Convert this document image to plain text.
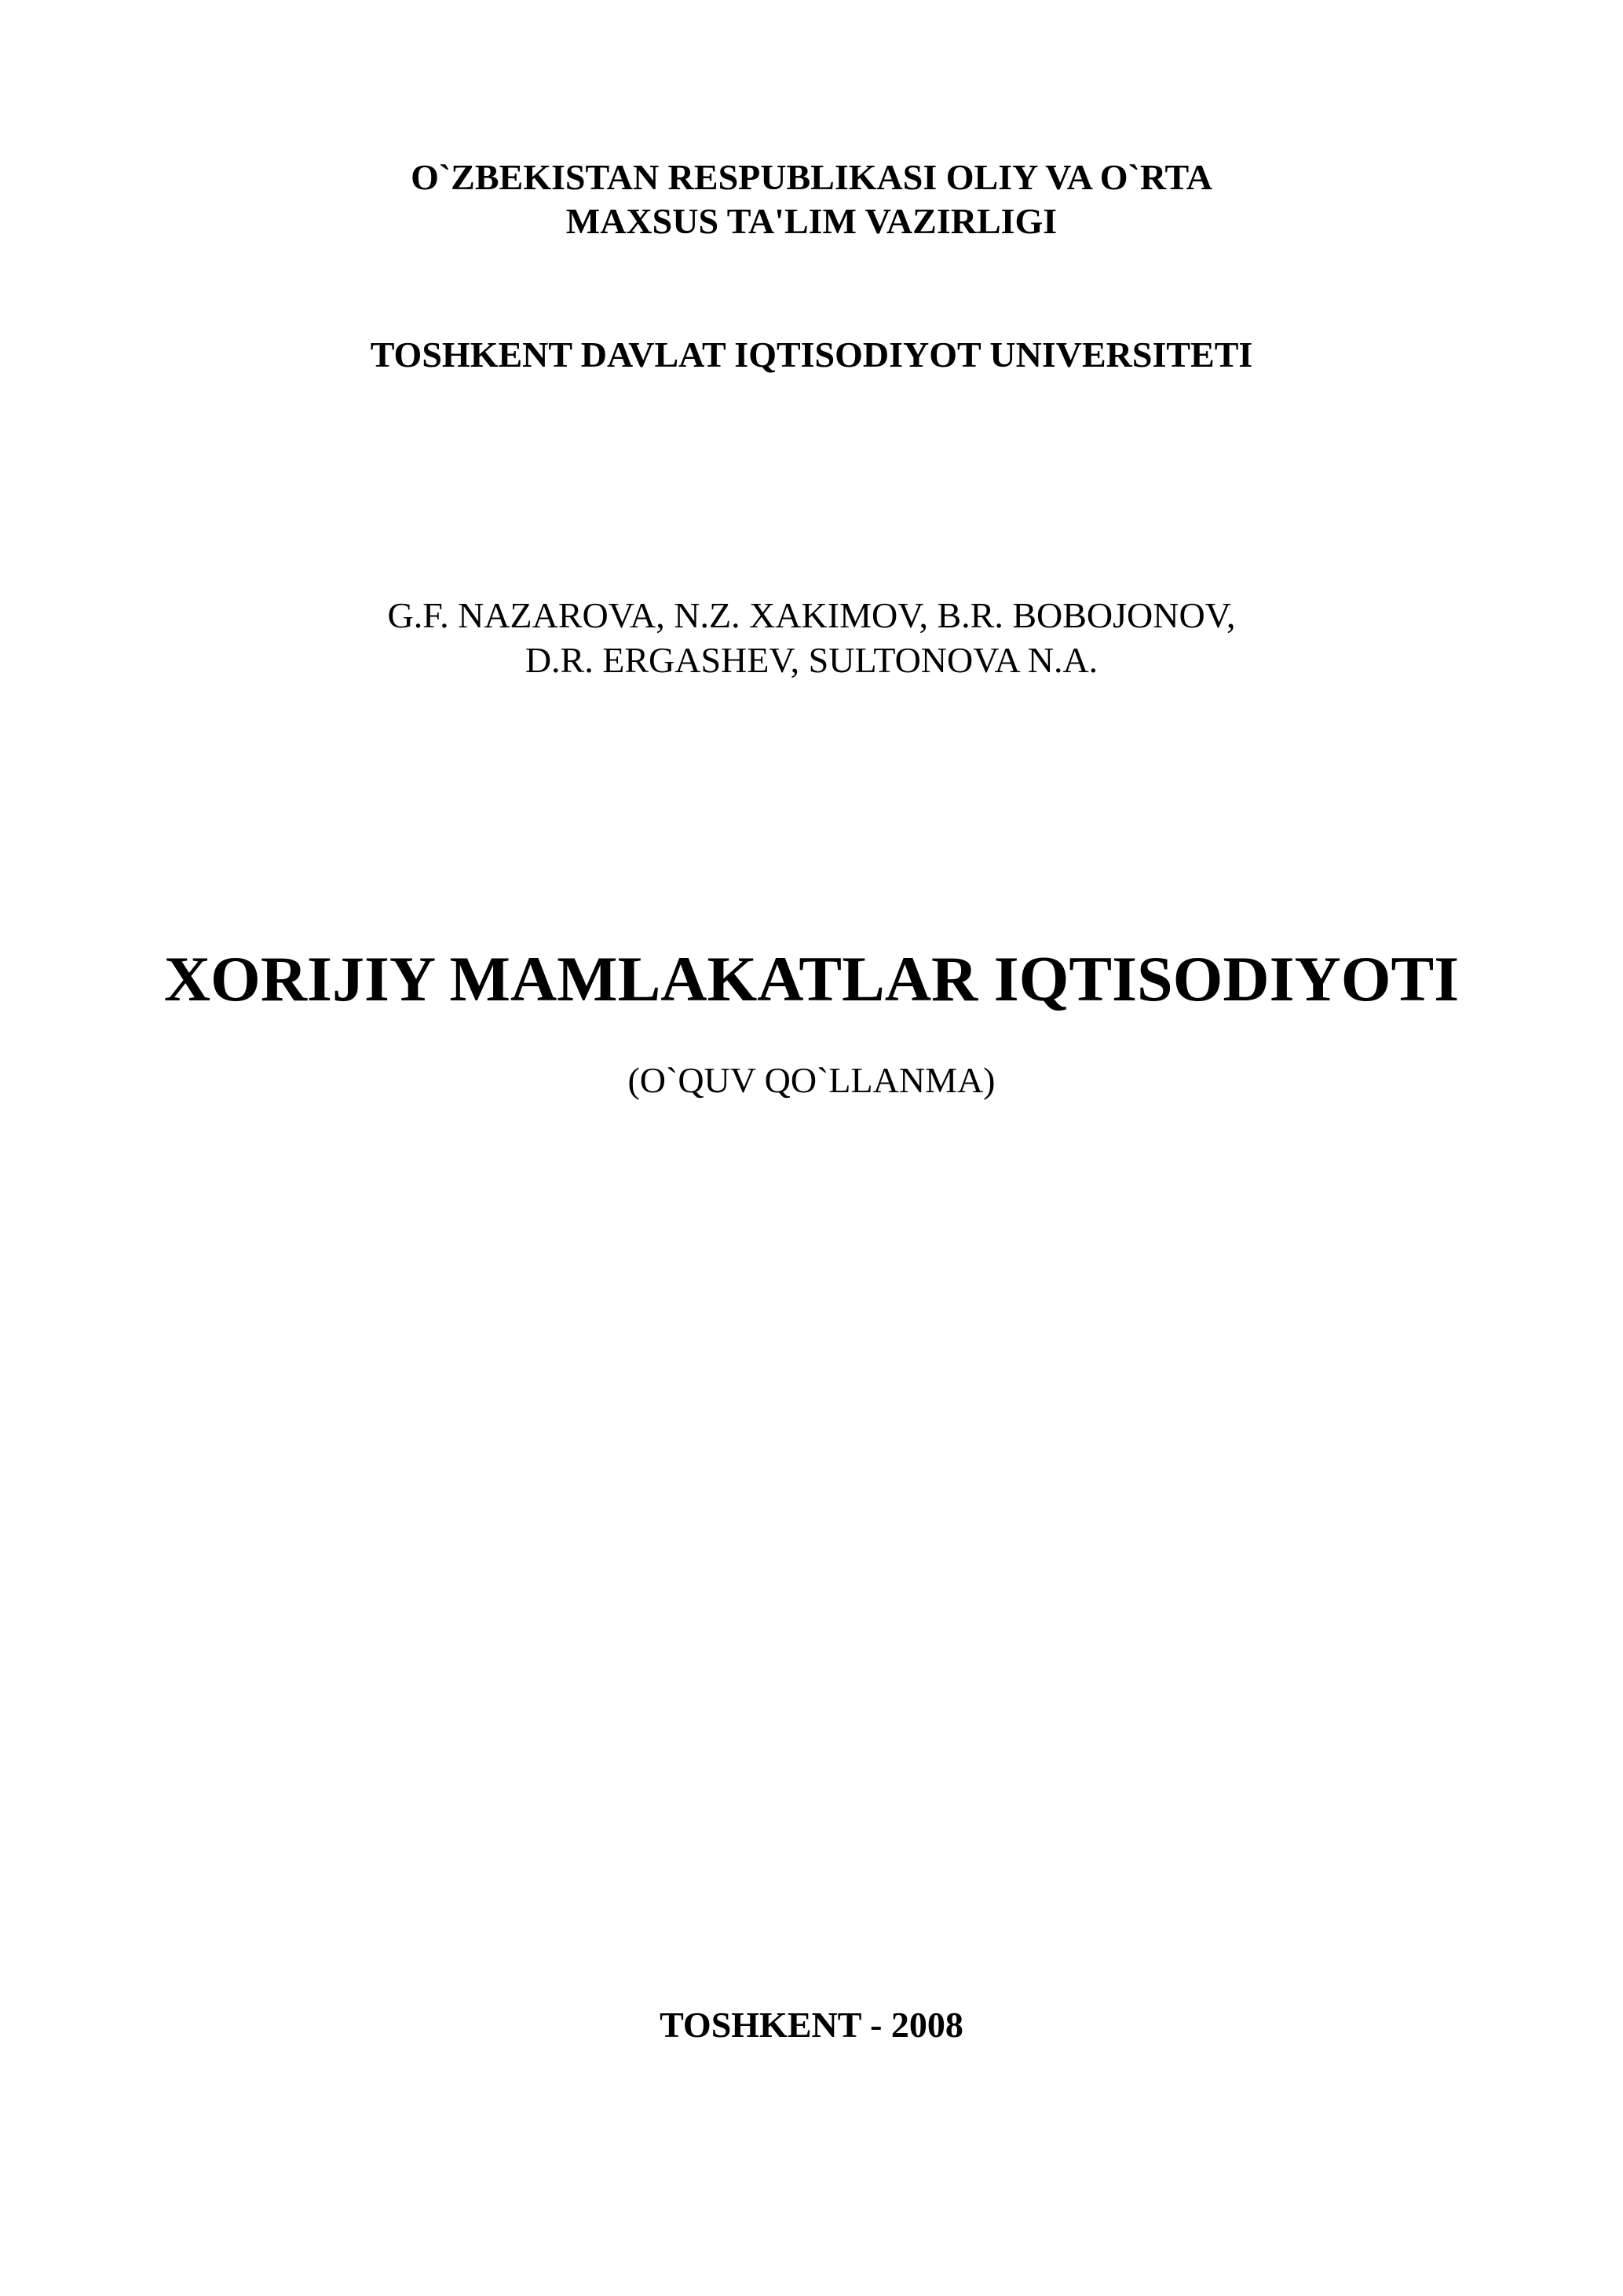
O`ZBEKISTAN RESPUBLIKASI OLIY VA O`RTA

MAXSUS TA'LIM VAZIRLIGI

TOSHKENT DAVLAT IQTISODIYOT UNIVERSITETI

G.F. NAZAROVA, N.Z. XAKIMOV, B.R. BOBOJONOV,

D.R. ERGASHEV, SULTONOVA N.A.

XORIJIY MAMLAKATLAR IQTISODIYOTI

(O`QUV QO`LLANMA)

TOSHKENT - 2008
